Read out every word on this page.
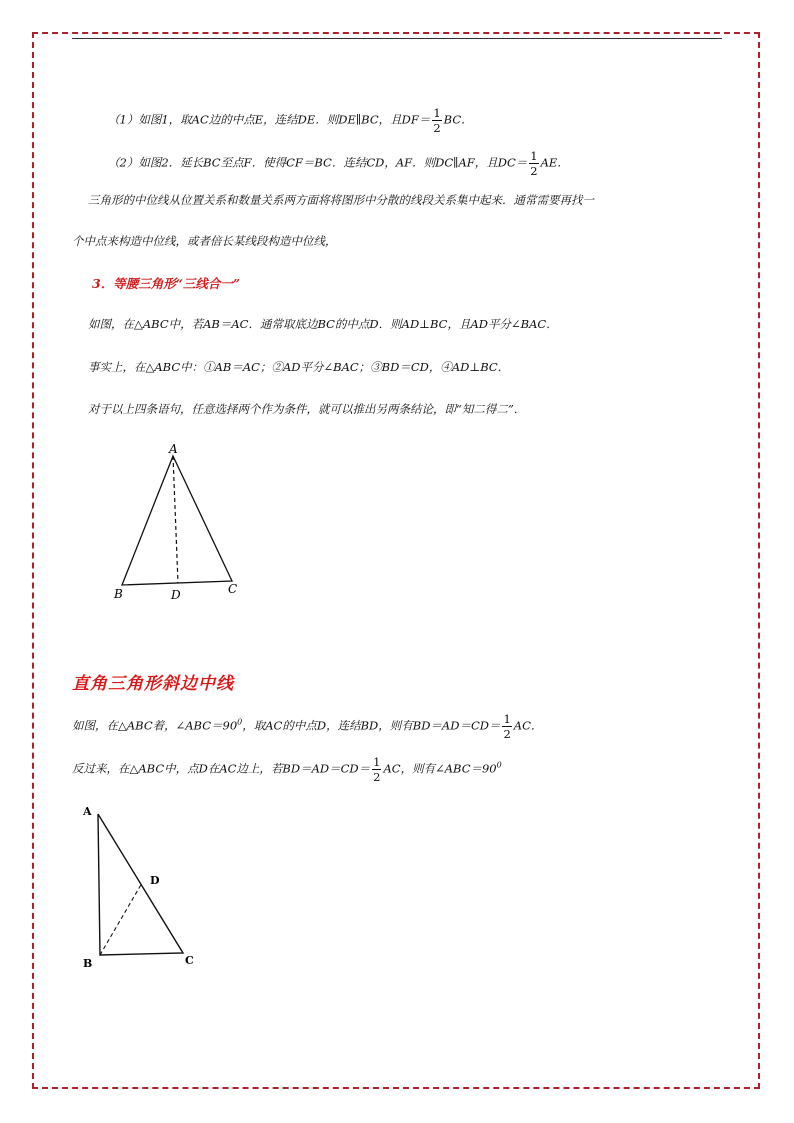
（1）如图1，取AC边的中点E，连结DE．则DE∥BC，且$DF= \frac{1}{2}$ BC．
（2）如图2．延长BC至点F．使得CF＝BC．连结CD，AF．则DC∥AF，且$DC= \frac{1}{2}$ AE．
三角形的中位线从位置关系和数量关系两方面将将图形中分散的线段关系集中起来．通常需要再找一
个中点来构造中位线，或者倍长某线段构造中位线，
3．等腰三角形“三线合一”
如图，在△ABC中，若AB＝AC．通常取底边BC的中点D．则AD⊥BC，且AD平分∠BAC．
事实上，在△ABC中：①AB＝AC；②AD平分∠BAC；③BD＝CD，④AD⊥BC．
对于以上四条语句，任意选择两个作为条件，就可以推出另两条结论，即“知二得二”．
A
B	C
D
直角三角形斜边中线
如图，在△ABC着，$\angle ABC=90^0$，取AC的中点D，连结BD，则有$BD=AD=CD= \frac{1}{2}$ AC．
反过来，在△ABC中，点D在AC边上，若$BD=AD=CD= \frac{1}{2}$ AC，则有$\angle ABC=90^0$
A
B	C
D
